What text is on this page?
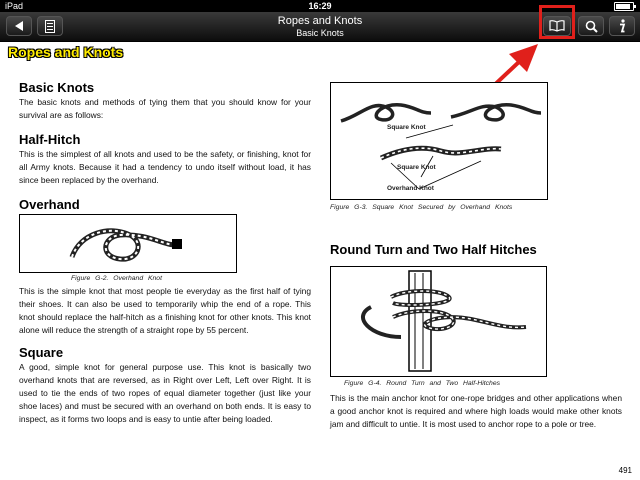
iPad	16:29
Ropes and Knots
Basic Knots
Ropes and Knots
Basic Knots

The basic knots and methods of tying them that you should know for your survival are as follows:

Half-Hitch

This is the simplest of all knots and used to be the safety, or finishing, knot for all Army knots. Because it had a tendency to undo itself without load, it has since been replaced by the overhand.

Overhand
Figure G-2. Overhand Knot

This is the simple knot that most people tie everyday as the first half of tying their shoes. It can also be used to temporarily whip the end of a rope. This knot should replace the half-hitch as a finishing knot for other knots. This knot alone will reduce the strength of a straight rope by 55 percent.

Square

A good, simple knot for general purpose use. This knot is basically two overhand knots that are reversed, as in Right over Left, Left over Right. It is used to tie the ends of two ropes of equal diameter together (just like your shoe laces) and must be secured with an overhand on both ends. It is easy to inspect, as it forms two loops and is easy to untie after being loaded.

Square Knot
Square Knot
Overhand Knot
Figure G-3. Square Knot Secured by Overhand Knots
Round Turn and Two Half Hitches
Figure G-4. Round Turn and Two Half-Hitches

This is the main anchor knot for one-rope bridges and other applications when a good anchor knot is required and where high loads would make other knots jam and difficult to untie. It is most used to anchor rope to a pole or tree.

491
